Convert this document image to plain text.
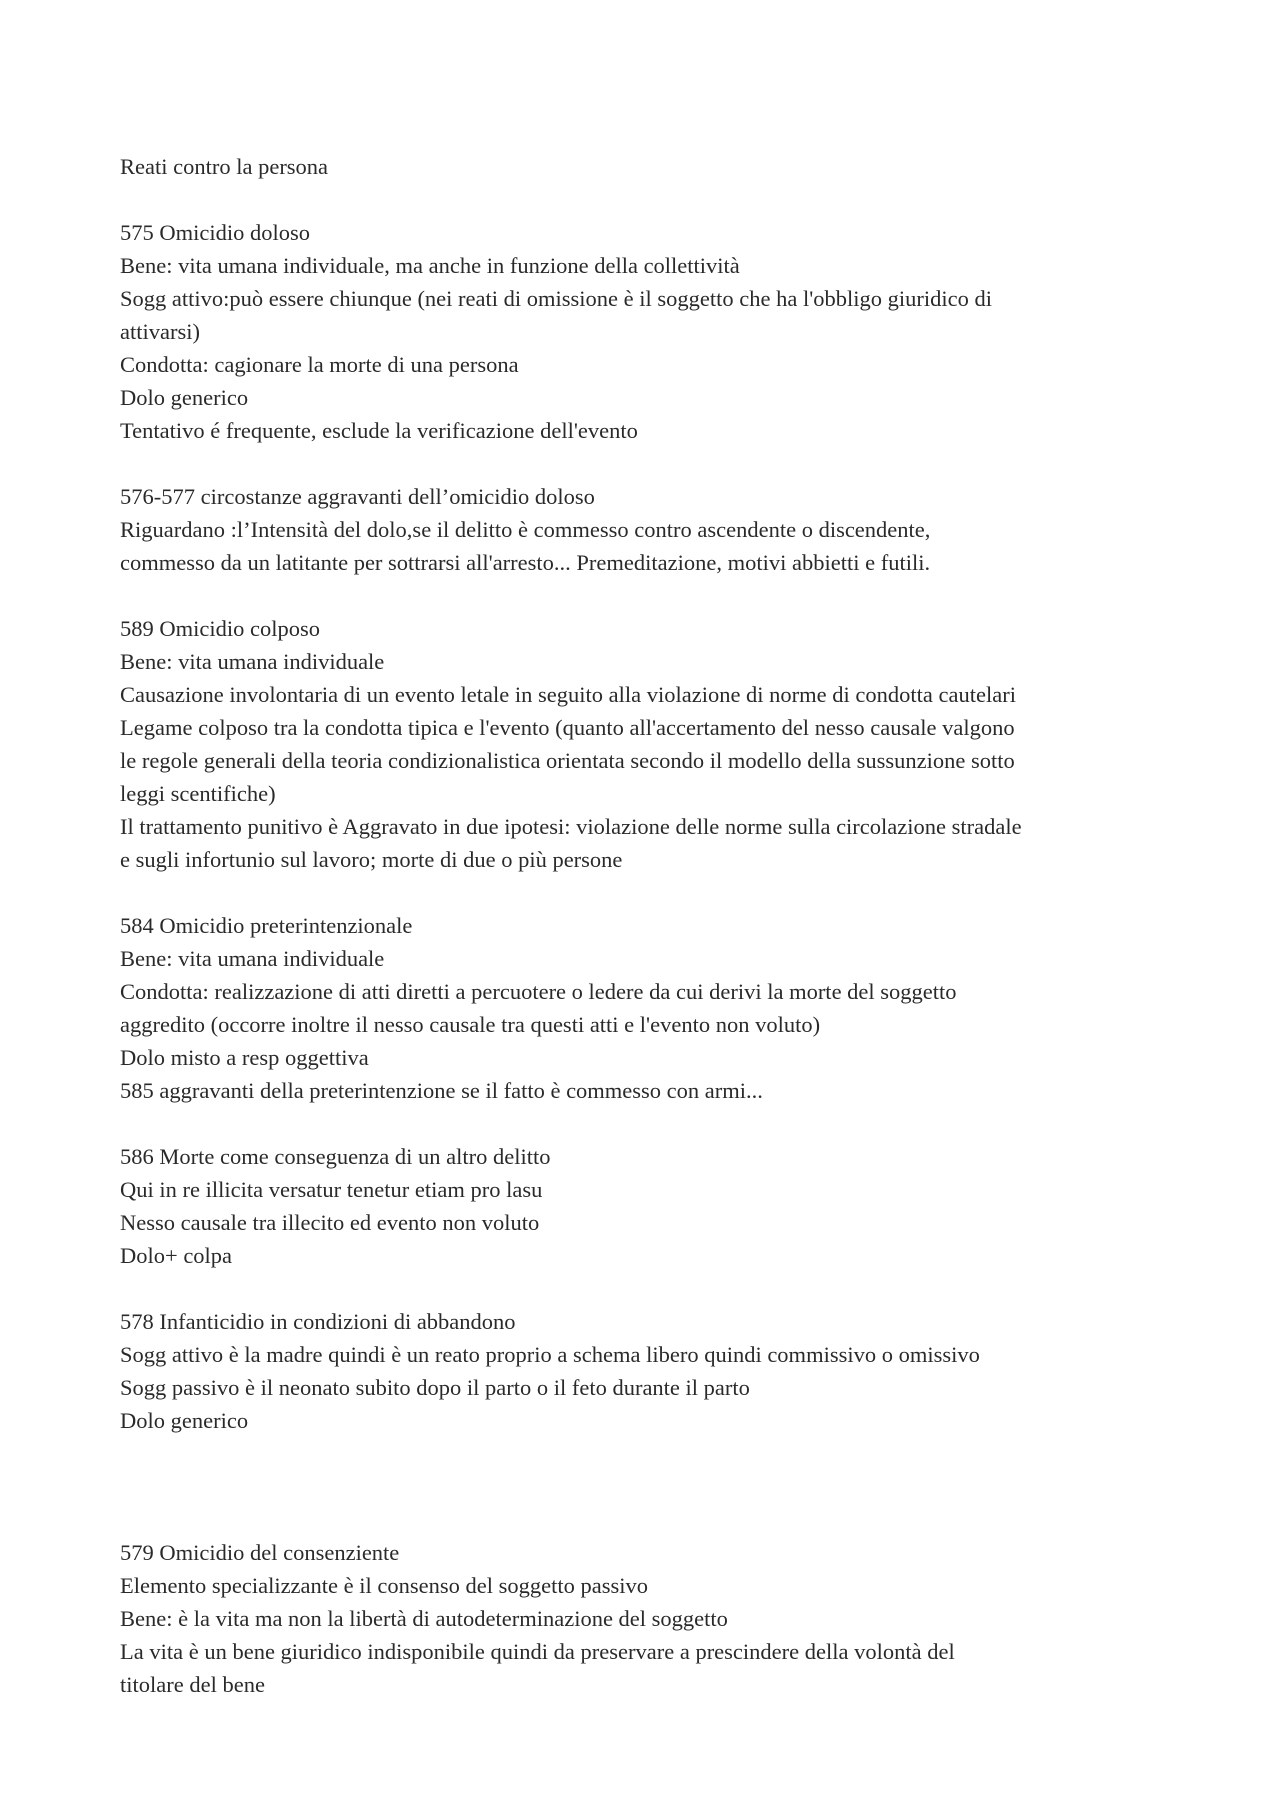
Reati contro la persona
575 Omicidio doloso
Bene: vita umana individuale, ma anche in funzione della collettività
Sogg attivo:può essere chiunque (nei reati di omissione è il soggetto che ha l'obbligo giuridico di
attivarsi)
Condotta: cagionare la morte di una persona
Dolo generico
Tentativo é frequente, esclude la verificazione dell'evento
576-577 circostanze aggravanti dell’omicidio doloso
Riguardano :l’Intensità del dolo,se il delitto è commesso contro ascendente o discendente,
commesso da un latitante per sottrarsi all'arresto... Premeditazione, motivi abbietti e futili.
589 Omicidio colposo
Bene: vita umana individuale
Causazione involontaria di un evento letale in seguito alla violazione di norme di condotta cautelari
Legame colposo tra la condotta tipica e l'evento (quanto all'accertamento del nesso causale valgono
le regole generali della teoria condizionalistica orientata secondo il modello della sussunzione sotto
leggi scentifiche)
Il trattamento punitivo è Aggravato in due ipotesi: violazione delle norme sulla circolazione stradale
e sugli infortunio sul lavoro; morte di due o più persone
584 Omicidio preterintenzionale
Bene: vita umana individuale
Condotta: realizzazione di atti diretti a percuotere o ledere da cui derivi la morte del soggetto
aggredito (occorre inoltre il nesso causale tra questi atti e l'evento non voluto)
Dolo misto a resp oggettiva
585 aggravanti della preterintenzione se il fatto è commesso con armi...
586 Morte come conseguenza di un altro delitto
Qui in re illicita versatur tenetur etiam pro lasu
Nesso causale tra illecito ed evento non voluto
Dolo+ colpa
578 Infanticidio in condizioni di abbandono
Sogg attivo è la madre quindi è un reato proprio a schema libero quindi commissivo o omissivo
Sogg passivo è il neonato subito dopo il parto o il feto durante il parto
Dolo generico
579 Omicidio del consenziente
Elemento specializzante è il consenso del soggetto passivo
Bene: è la vita ma non la libertà di autodeterminazione del soggetto
La vita è un bene giuridico indisponibile quindi da preservare a prescindere della volontà del
titolare del bene
